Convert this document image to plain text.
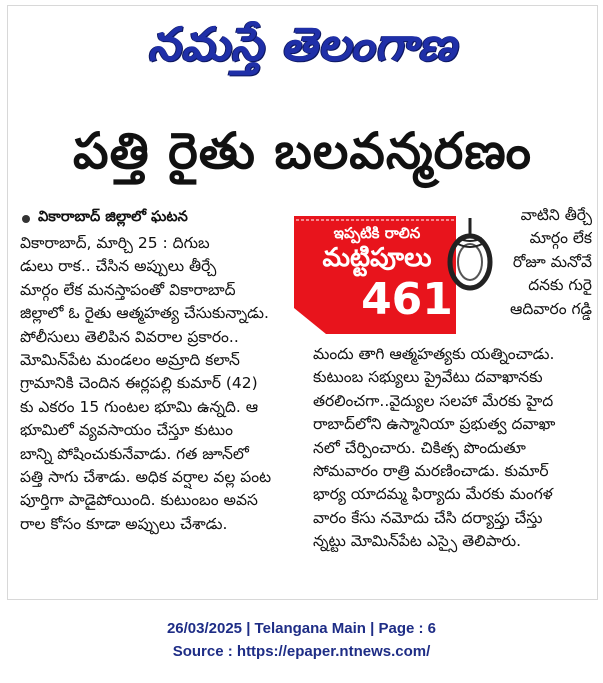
నమస్తే తెలంగాణ
పత్తి రైతు బలవన్మరణం
వికారాబాద్ జిల్లాలో ఘటన
వికారాబాద్, మార్చి 25 : దిగుబ
డులు రాక.. చేసిన అప్పులు తీర్చే
మార్గం లేక మనస్తాపంతో వికారాబాద్
జిల్లాలో ఓ రైతు ఆత్మహత్య చేసుకున్నాడు.
పోలీసులు తెలిపిన వివరాల ప్రకారం..
మోమిన్‌పేట మండలం అమ్రాది కలాన్
గ్రామానికి చెందిన ఈర్లపల్లి కుమార్ (42)
కు ఎకరం 15 గుంటల భూమి ఉన్నది. ఆ
భూమిలో వ్యవసాయం చేస్తూ కుటుం
బాన్ని పోషించుకునేవాడు. గత జూన్‌లో
పత్తి సాగు చేశాడు. అధిక వర్షాల వల్ల పంట
పూర్తిగా పాడైపోయింది. కుటుంబం అవస
రాల కోసం కూడా అప్పులు చేశాడు.
ఇప్పటికి రాలిన
మట్టిపూలు
461
వాటిని తీర్చే
మార్గం లేక
రోజూ మనోవే
దనకు గురై
ఆదివారం గడ్డి
మందు తాగి ఆత్మహత్యకు యత్నించాడు.
కుటుంబ సభ్యులు ప్రైవేటు దవాఖానకు
తరలించగా..వైద్యుల సలహా మేరకు హైద
రాబాద్‌లోని ఉస్మానియా ప్రభుత్వ దవాఖా
నలో చేర్పించారు. చికిత్స పొందుతూ
సోమవారం రాత్రి మరణించాడు. కుమార్
భార్య యాదమ్మ ఫిర్యాదు మేరకు మంగళ
వారం కేసు నమోదు చేసి దర్యాప్తు చేస్తు
న్నట్టు మోమిన్‌పేట ఎస్సై తెలిపారు.
26/03/2025 | Telangana Main | Page : 6
Source : https://epaper.ntnews.com/
